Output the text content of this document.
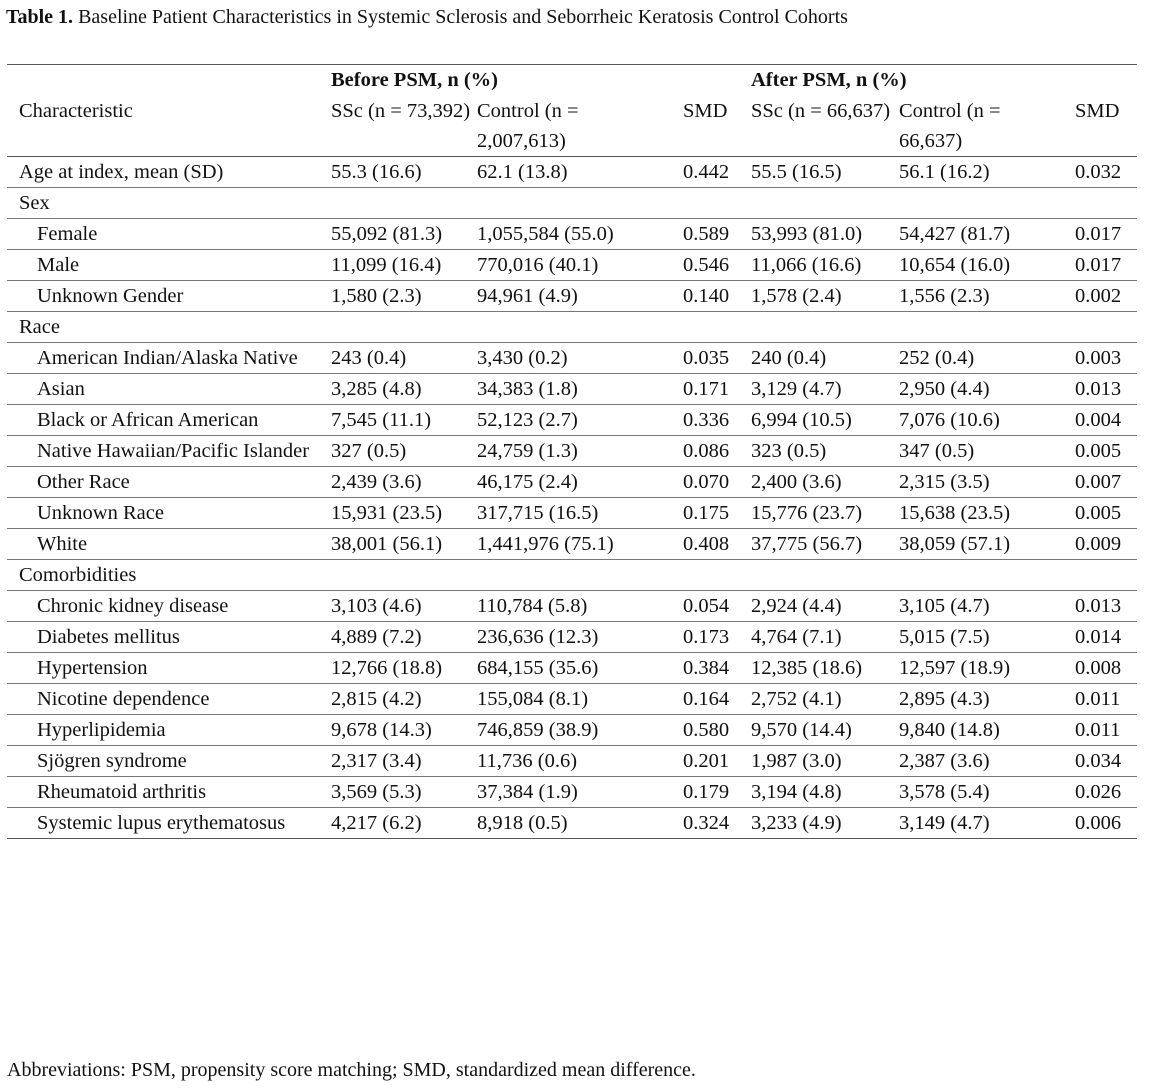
Table 1. Baseline Patient Characteristics in Systemic Sclerosis and Seborrheic Keratosis Control Cohorts
	Before PSM, n (%)			After PSM, n (%)		
Characteristic	SSc (n = 73,392)	Control (n = 2,007,613)	SMD	SSc (n = 66,637)	Control (n = 66,637)	SMD
Age at index, mean (SD)	55.3 (16.6)	62.1 (13.8)	0.442	55.5 (16.5)	56.1 (16.2)	0.032
Sex						
Female	55,092 (81.3)	1,055,584 (55.0)	0.589	53,993 (81.0)	54,427 (81.7)	0.017
Male	11,099 (16.4)	770,016 (40.1)	0.546	11,066 (16.6)	10,654 (16.0)	0.017
Unknown Gender	1,580 (2.3)	94,961 (4.9)	0.140	1,578 (2.4)	1,556 (2.3)	0.002
Race						
American Indian/Alaska Native	243 (0.4)	3,430 (0.2)	0.035	240 (0.4)	252 (0.4)	0.003
Asian	3,285 (4.8)	34,383 (1.8)	0.171	3,129 (4.7)	2,950 (4.4)	0.013
Black or African American	7,545 (11.1)	52,123 (2.7)	0.336	6,994 (10.5)	7,076 (10.6)	0.004
Native Hawaiian/Pacific Islander	327 (0.5)	24,759 (1.3)	0.086	323 (0.5)	347 (0.5)	0.005
Other Race	2,439 (3.6)	46,175 (2.4)	0.070	2,400 (3.6)	2,315 (3.5)	0.007
Unknown Race	15,931 (23.5)	317,715 (16.5)	0.175	15,776 (23.7)	15,638 (23.5)	0.005
White	38,001 (56.1)	1,441,976 (75.1)	0.408	37,775 (56.7)	38,059 (57.1)	0.009
Comorbidities						
Chronic kidney disease	3,103 (4.6)	110,784 (5.8)	0.054	2,924 (4.4)	3,105 (4.7)	0.013
Diabetes mellitus	4,889 (7.2)	236,636 (12.3)	0.173	4,764 (7.1)	5,015 (7.5)	0.014
Hypertension	12,766 (18.8)	684,155 (35.6)	0.384	12,385 (18.6)	12,597 (18.9)	0.008
Nicotine dependence	2,815 (4.2)	155,084 (8.1)	0.164	2,752 (4.1)	2,895 (4.3)	0.011
Hyperlipidemia	9,678 (14.3)	746,859 (38.9)	0.580	9,570 (14.4)	9,840 (14.8)	0.011
Sjögren syndrome	2,317 (3.4)	11,736 (0.6)	0.201	1,987 (3.0)	2,387 (3.6)	0.034
Rheumatoid arthritis	3,569 (5.3)	37,384 (1.9)	0.179	3,194 (4.8)	3,578 (5.4)	0.026
Systemic lupus erythematosus	4,217 (6.2)	8,918 (0.5)	0.324	3,233 (4.9)	3,149 (4.7)	0.006
Abbreviations: PSM, propensity score matching; SMD, standardized mean difference.
